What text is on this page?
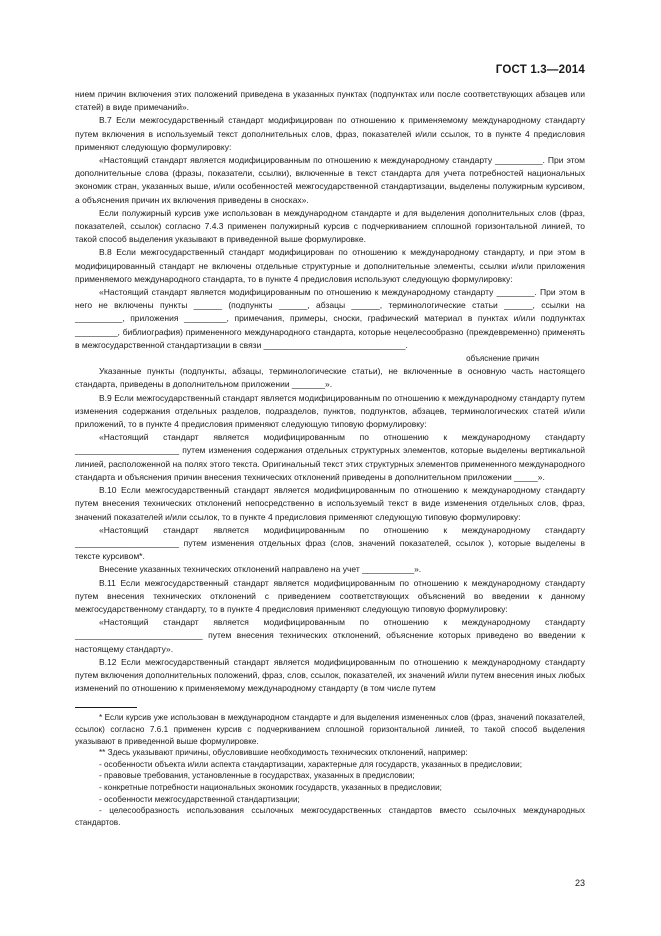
ГОСТ 1.3—2014

нием причин включения этих положений приведена в указанных пунктах (подпунктах или после соответствующих абзацев или статей) в виде примечаний».

В.7 Если межгосударственный стандарт модифицирован по отношению к применяемому международному стандарту путем включения в используемый текст дополнительных слов, фраз, показателей и/или ссылок, то в пункте 4 предисловия применяют следующую формулировку:

«Настоящий стандарт является модифицированным по отношению к международному стандарту __________. При этом дополнительные слова (фразы, показатели, ссылки), включенные в текст стандарта для учета потребностей национальных экономик стран, указанных выше, и/или особенностей межгосударственной стандартизации, выделены полужирным курсивом, а объяснения причин их включения приведены в сносках».

Если полужирный курсив уже использован в международном стандарте и для выделения дополнительных слов (фраз, показателей, ссылок) согласно 7.4.3 применен полужирный курсив с подчеркиванием сплошной горизонтальной линией, то такой способ выделения указывают в приведенной выше формулировке.

В.8 Если межгосударственный стандарт модифицирован по отношению к международному стандарту, и при этом в модифицированный стандарт не включены отдельные структурные и дополнительные элементы, ссылки и/или приложения применяемого международного стандарта, то в пункте 4 предисловия используют следующую формулировку:

«Настоящий стандарт является модифицированным по отношению к международному стандарту ________. При этом в него не включены пункты ______ (подпункты ______, абзацы ______, терминологические статьи ______, ссылки на __________, приложения _________, примечания, примеры, сноски, графический материал в пунктах и/или подпунктах _________, библиография) примененного международного стандарта, которые нецелесообразно (преждевременно) применять в межгосударственной стандартизации в связи ______________________________.

объяснение причин

Указанные пункты (подпункты, абзацы, терминологические статьи), не включенные в основную часть настоящего стандарта, приведены в дополнительном приложении _______».

В.9 Если межгосударственный стандарт является модифицированным по отношению к международному стандарту путем изменения содержания отдельных разделов, подразделов, пунктов, подпунктов, абзацев, терминологических статей и/или приложений, то в пункте 4 предисловия применяют следующую типовую формулировку:

«Настоящий стандарт является модифицированным по отношению к международному стандарту ______________________ путем изменения содержания отдельных структурных элементов, которые выделены вертикальной линией, расположенной на полях этого текста. Оригинальный текст этих структурных элементов примененного международного стандарта и объяснения причин внесения технических отклонений приведены в дополнительном приложении _____».

В.10 Если межгосударственный стандарт является модифицированным по отношению к международному стандарту путем внесения технических отклонений непосредственно в используемый текст в виде изменения отдельных слов, фраз, значений показателей и/или ссылок, то в пункте 4 предисловия применяют следующую типовую формулировку:

«Настоящий стандарт является модифицированным по отношению к международному стандарту ______________________ путем изменения отдельных фраз (слов, значений показателей, ссылок ), которые выделены в тексте курсивом*.

Внесение указанных технических отклонений направлено на учет ___________».

В.11 Если межгосударственный стандарт является модифицированным по отношению к международному стандарту путем внесения технических отклонений с приведением соответствующих объяснений во введении к данному межгосударственному стандарту, то в пункте 4 предисловия применяют следующую типовую формулировку:

«Настоящий стандарт является модифицированным по отношению к международному стандарту ___________________________ путем внесения технических отклонений, объяснение которых приведено во введении к настоящему стандарту».

В.12 Если межгосударственный стандарт является модифицированным по отношению к международному стандарту путем включения дополнительных положений, фраз, слов, ссылок, показателей, их значений и/или путем внесения иных любых изменений по отношению к применяемому международному стандарту (в том числе путем

* Если курсив уже использован в международном стандарте и для выделения измененных слов (фраз, значений показателей, ссылок) согласно 7.6.1 применен курсив с подчеркиванием сплошной горизонтальной линией, то такой способ выделения указывают в приведенной выше формулировке.

** Здесь указывают причины, обусловившие необходимость технических отклонений, например:

- особенности объекта и/или аспекта стандартизации, характерные для государств, указанных в предисловии;

- правовые требования, установленные в государствах, указанных в предисловии;

- конкретные потребности национальных экономик государств, указанных в предисловии;

- особенности межгосударственной стандартизации;

- целесообразность использования ссылочных межгосударственных стандартов вместо ссылочных международных стандартов.

23
